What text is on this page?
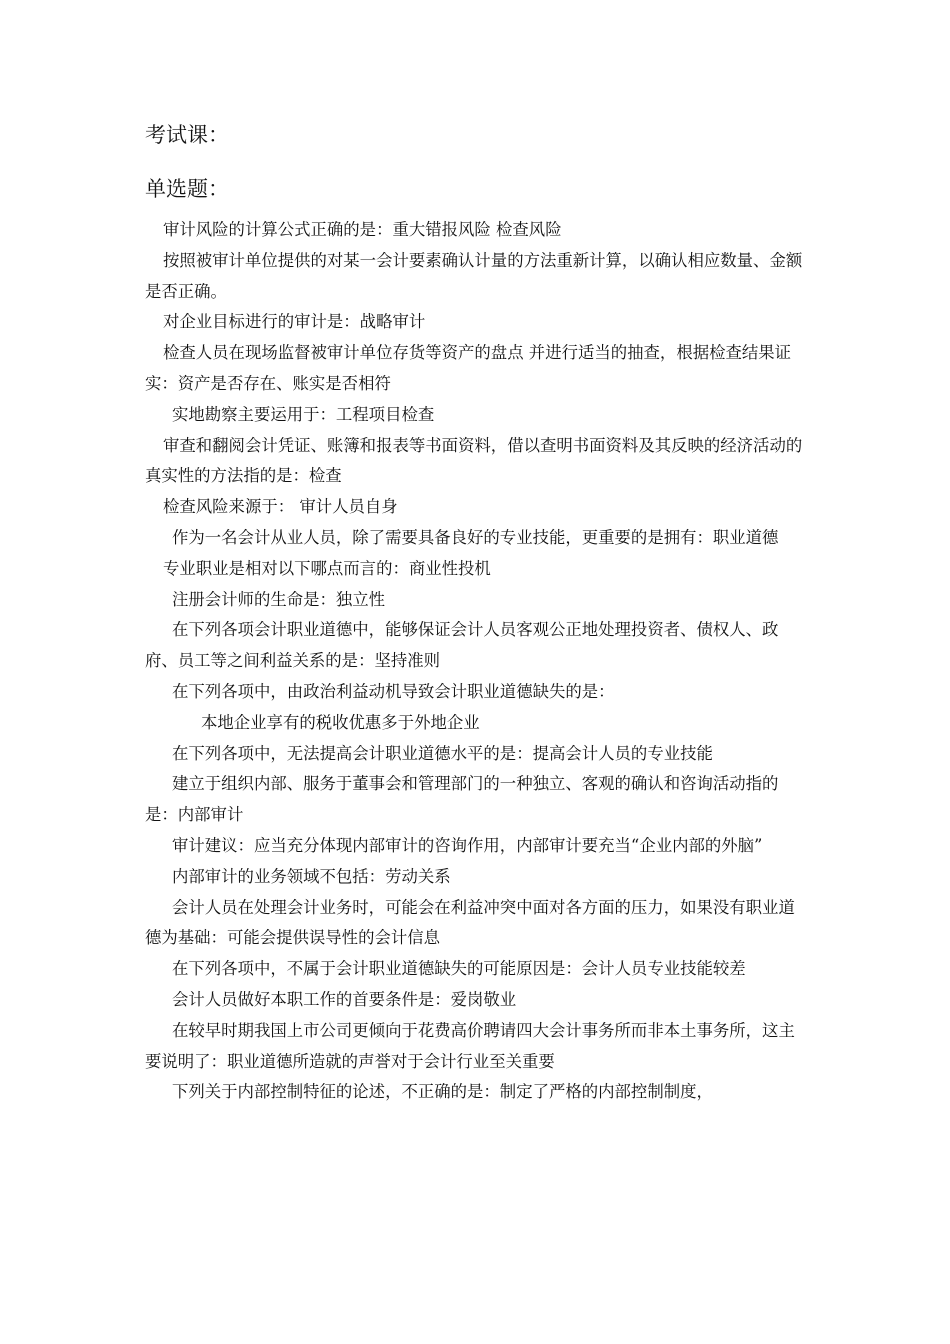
考试课：
单选题：

审计风险的计算公式正确的是：重大错报风险 检查风险

按照被审计单位提供的对某一会计要素确认计量的方法重新计算，以确认相应数量、金额是否正确。

对企业目标进行的审计是：战略审计

检查人员在现场监督被审计单位存货等资产的盘点 并进行适当的抽查，根据检查结果证实：资产是否存在、账实是否相符

实地勘察主要运用于：工程项目检查

审查和翻阅会计凭证、账簿和报表等书面资料，借以查明书面资料及其反映的经济活动的真实性的方法指的是：检查

检查风险来源于： 审计人员自身

作为一名会计从业人员，除了需要具备良好的专业技能，更重要的是拥有：职业道德

专业职业是相对以下哪点而言的：商业性投机

注册会计师的生命是：独立性

在下列各项会计职业道德中，能够保证会计人员客观公正地处理投资者、债权人、政府、员工等之间利益关系的是：坚持准则

在下列各项中，由政治利益动机导致会计职业道德缺失的是：

本地企业享有的税收优惠多于外地企业

在下列各项中，无法提高会计职业道德水平的是：提高会计人员的专业技能

建立于组织内部、服务于董事会和管理部门的一种独立、客观的确认和咨询活动指的是：内部审计

审计建议：应当充分体现内部审计的咨询作用，内部审计要充当“企业内部的外脑”

内部审计的业务领域不包括：劳动关系

会计人员在处理会计业务时，可能会在利益冲突中面对各方面的压力，如果没有职业道德为基础：可能会提供误导性的会计信息

在下列各项中，不属于会计职业道德缺失的可能原因是：会计人员专业技能较差

会计人员做好本职工作的首要条件是：爱岗敬业

在较早时期我国上市公司更倾向于花费高价聘请四大会计事务所而非本土事务所，这主要说明了：职业道德所造就的声誉对于会计行业至关重要

下列关于内部控制特征的论述，不正确的是：制定了严格的内部控制制度，
